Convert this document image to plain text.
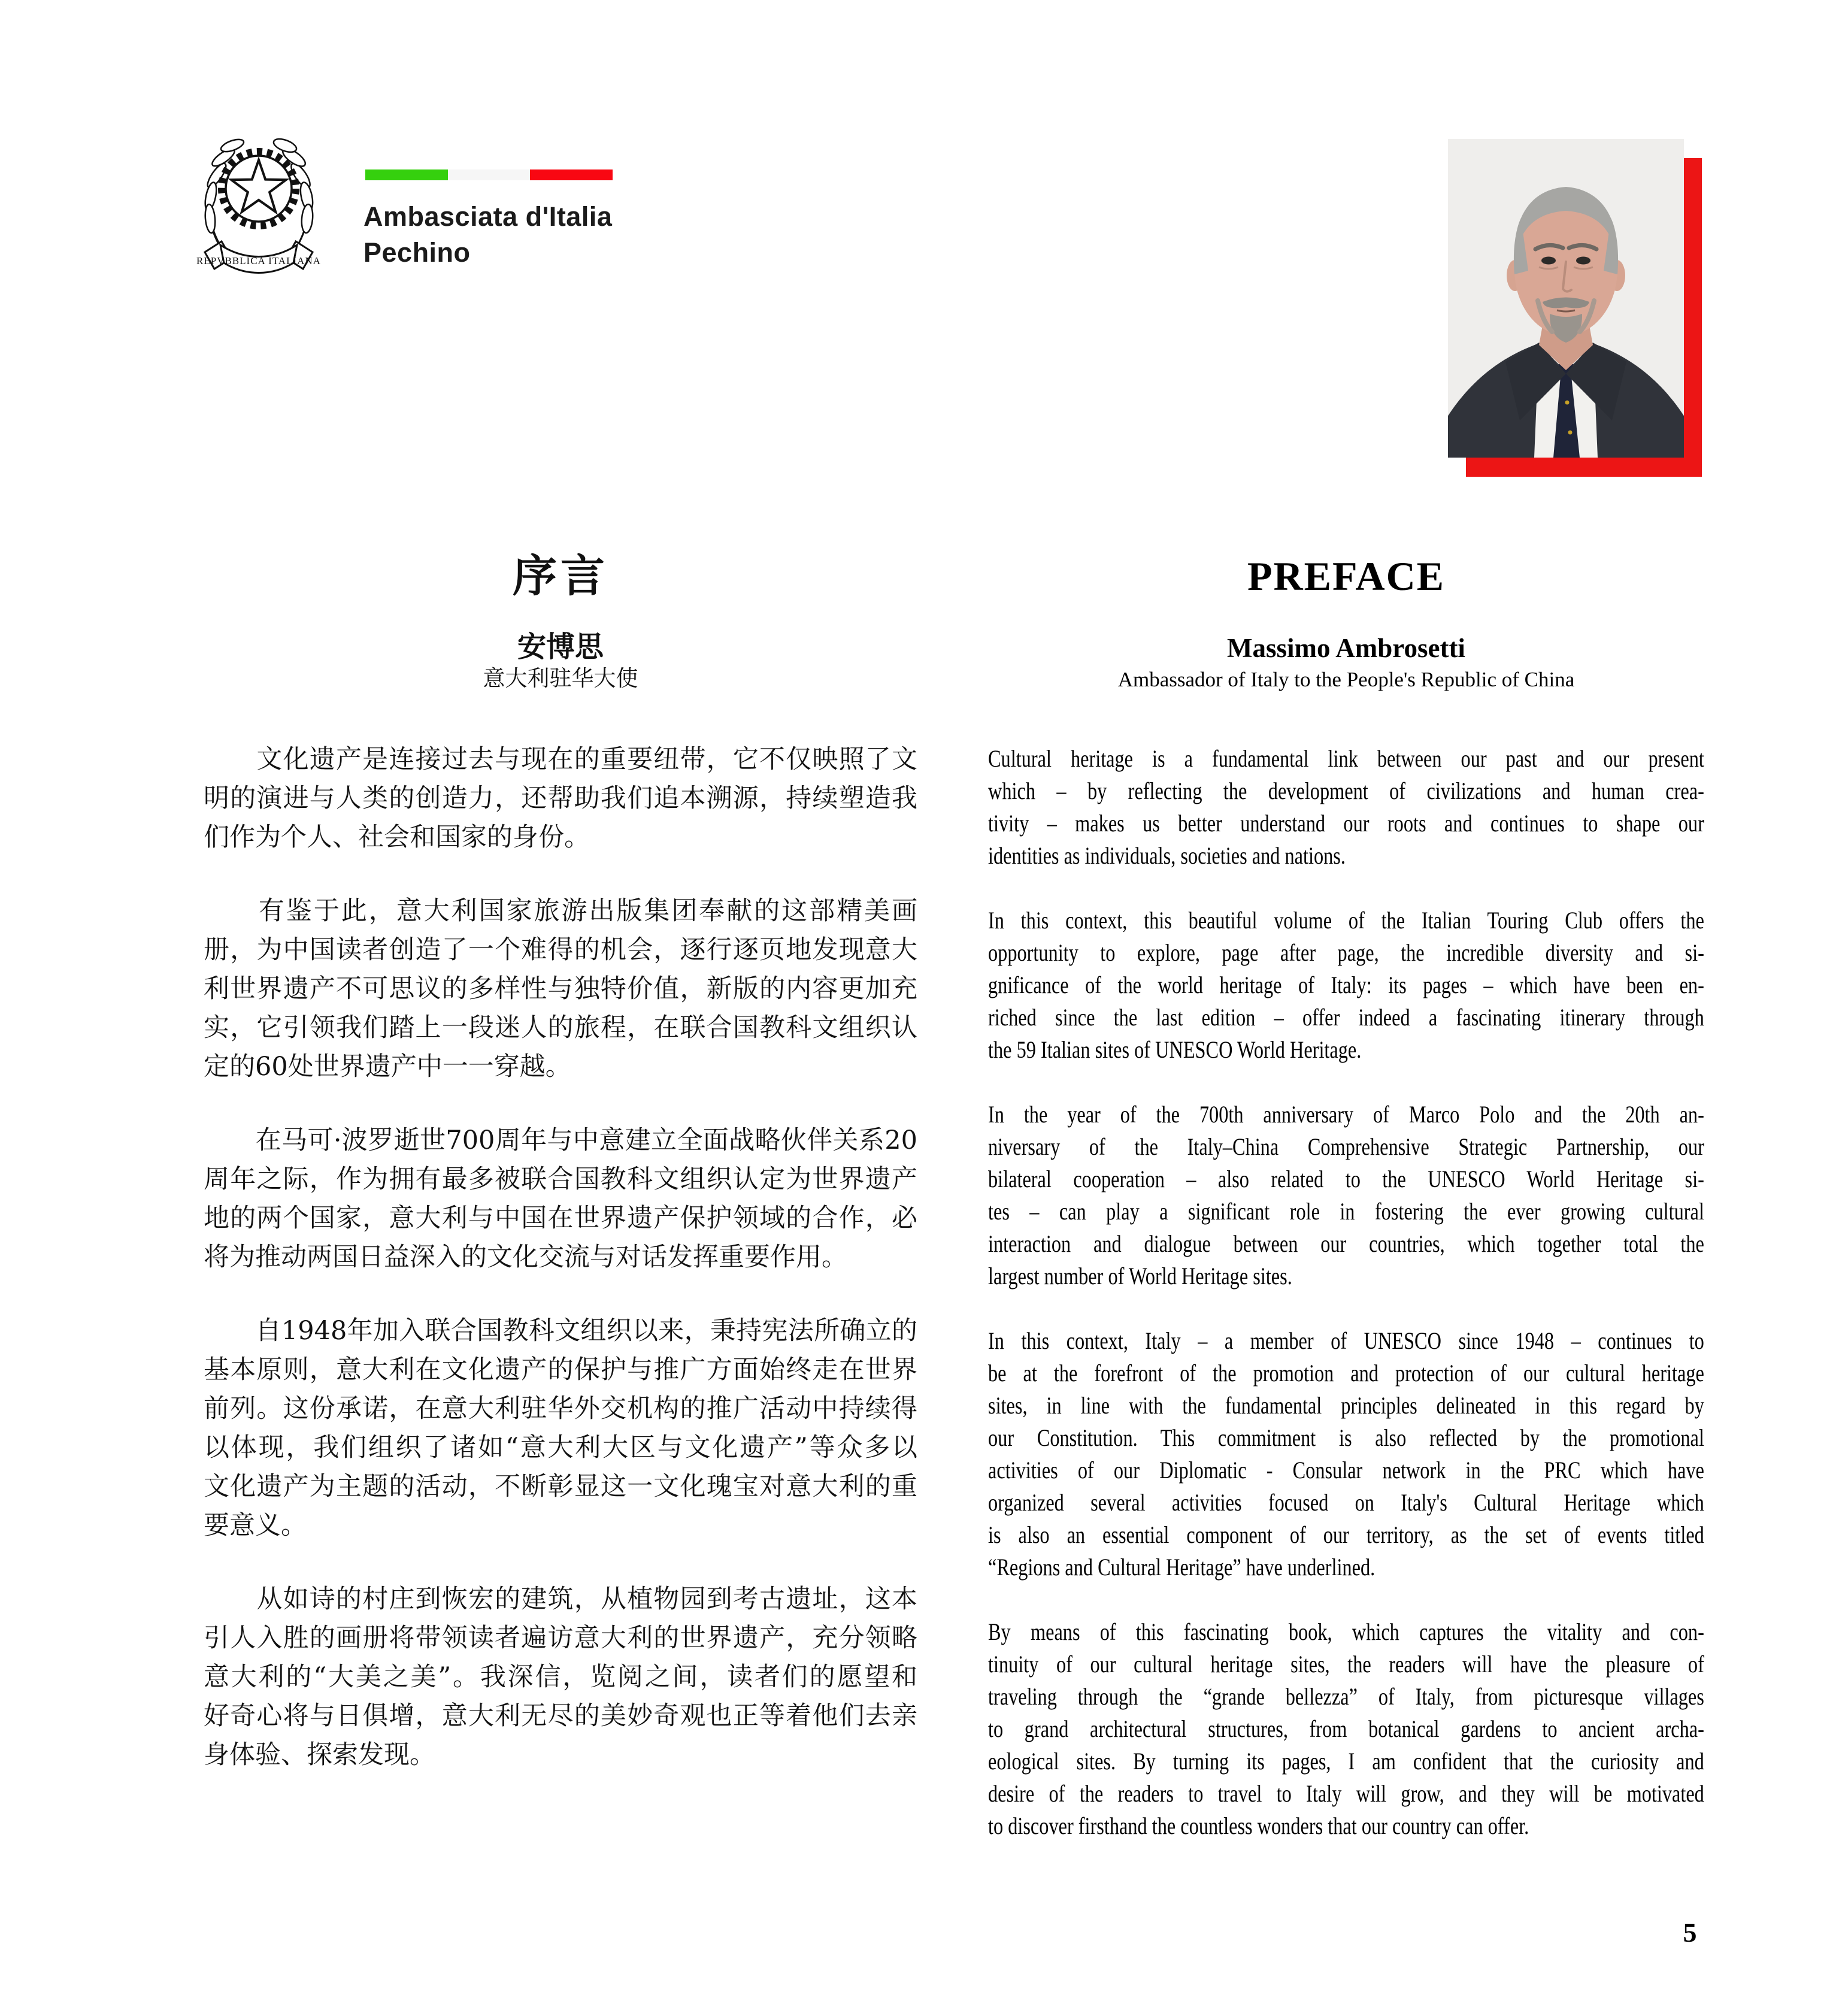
REPVBBLICA ITALIANA
Ambasciata d'Italia
Pechino
序言
安博思
意大利驻华大使
PREFACE
Massimo Ambrosetti
Ambassador of Italy to the People's Republic of China
　　文化遗产是连接过去与现在的重要纽带，它不仅映照了文
明的演进与人类的创造力，还帮助我们追本溯源，持续塑造我
们作为个人、社会和国家的身份。
　　有鉴于此，意大利国家旅游出版集团奉献的这部精美画
册，为中国读者创造了一个难得的机会，逐行逐页地发现意大
利世界遗产不可思议的多样性与独特价值，新版的内容更加充
实，它引领我们踏上一段迷人的旅程，在联合国教科文组织认
定的60处世界遗产中一一穿越。
　　在马可·波罗逝世700周年与中意建立全面战略伙伴关系20
周年之际，作为拥有最多被联合国教科文组织认定为世界遗产
地的两个国家，意大利与中国在世界遗产保护领域的合作，必
将为推动两国日益深入的文化交流与对话发挥重要作用。
　　自1948年加入联合国教科文组织以来，秉持宪法所确立的
基本原则，意大利在文化遗产的保护与推广方面始终走在世界
前列。这份承诺，在意大利驻华外交机构的推广活动中持续得
以体现，我们组织了诸如“意大利大区与文化遗产”等众多以
文化遗产为主题的活动，不断彰显这一文化瑰宝对意大利的重
要意义。
　　从如诗的村庄到恢宏的建筑，从植物园到考古遗址，这本
引人入胜的画册将带领读者遍访意大利的世界遗产，充分领略
意大利的“大美之美”。我深信，览阅之间，读者们的愿望和
好奇心将与日俱增，意大利无尽的美妙奇观也正等着他们去亲
身体验、探索发现。
Cultural heritage is a fundamental link between our past and our present
which – by reflecting the development of civilizations and human crea-
tivity – makes us better understand our roots and continues to shape our
identities as individuals, societies and nations.
In this context, this beautiful volume of the Italian Touring Club offers the
opportunity to explore, page after page, the incredible diversity and si-
gnificance of the world heritage of Italy: its pages – which have been en-
riched since the last edition – offer indeed a fascinating itinerary through
the 59 Italian sites of UNESCO World Heritage.
In the year of the 700th anniversary of Marco Polo and the 20th an-
niversary of the Italy–China Comprehensive Strategic Partnership, our
bilateral cooperation – also related to the UNESCO World Heritage si-
tes – can play a significant role in fostering the ever growing cultural
interaction and dialogue between our countries, which together total the
largest number of World Heritage sites.
In this context, Italy – a member of UNESCO since 1948 – continues to
be at the forefront of the promotion and protection of our cultural heritage
sites, in line with the fundamental principles delineated in this regard by
our Constitution. This commitment is also reflected by the promotional
activities of our Diplomatic - Consular network in the PRC which have
organized several activities focused on Italy's Cultural Heritage which
is also an essential component of our territory, as the set of events titled
“Regions and Cultural Heritage” have underlined.
By means of this fascinating book, which captures the vitality and con-
tinuity of our cultural heritage sites, the readers will have the pleasure of
traveling through the “grande bellezza” of Italy, from picturesque villages
to grand architectural structures, from botanical gardens to ancient archa-
eological sites. By turning its pages, I am confident that the curiosity and
desire of the readers to travel to Italy will grow, and they will be motivated
to discover firsthand the countless wonders that our country can offer.
5
